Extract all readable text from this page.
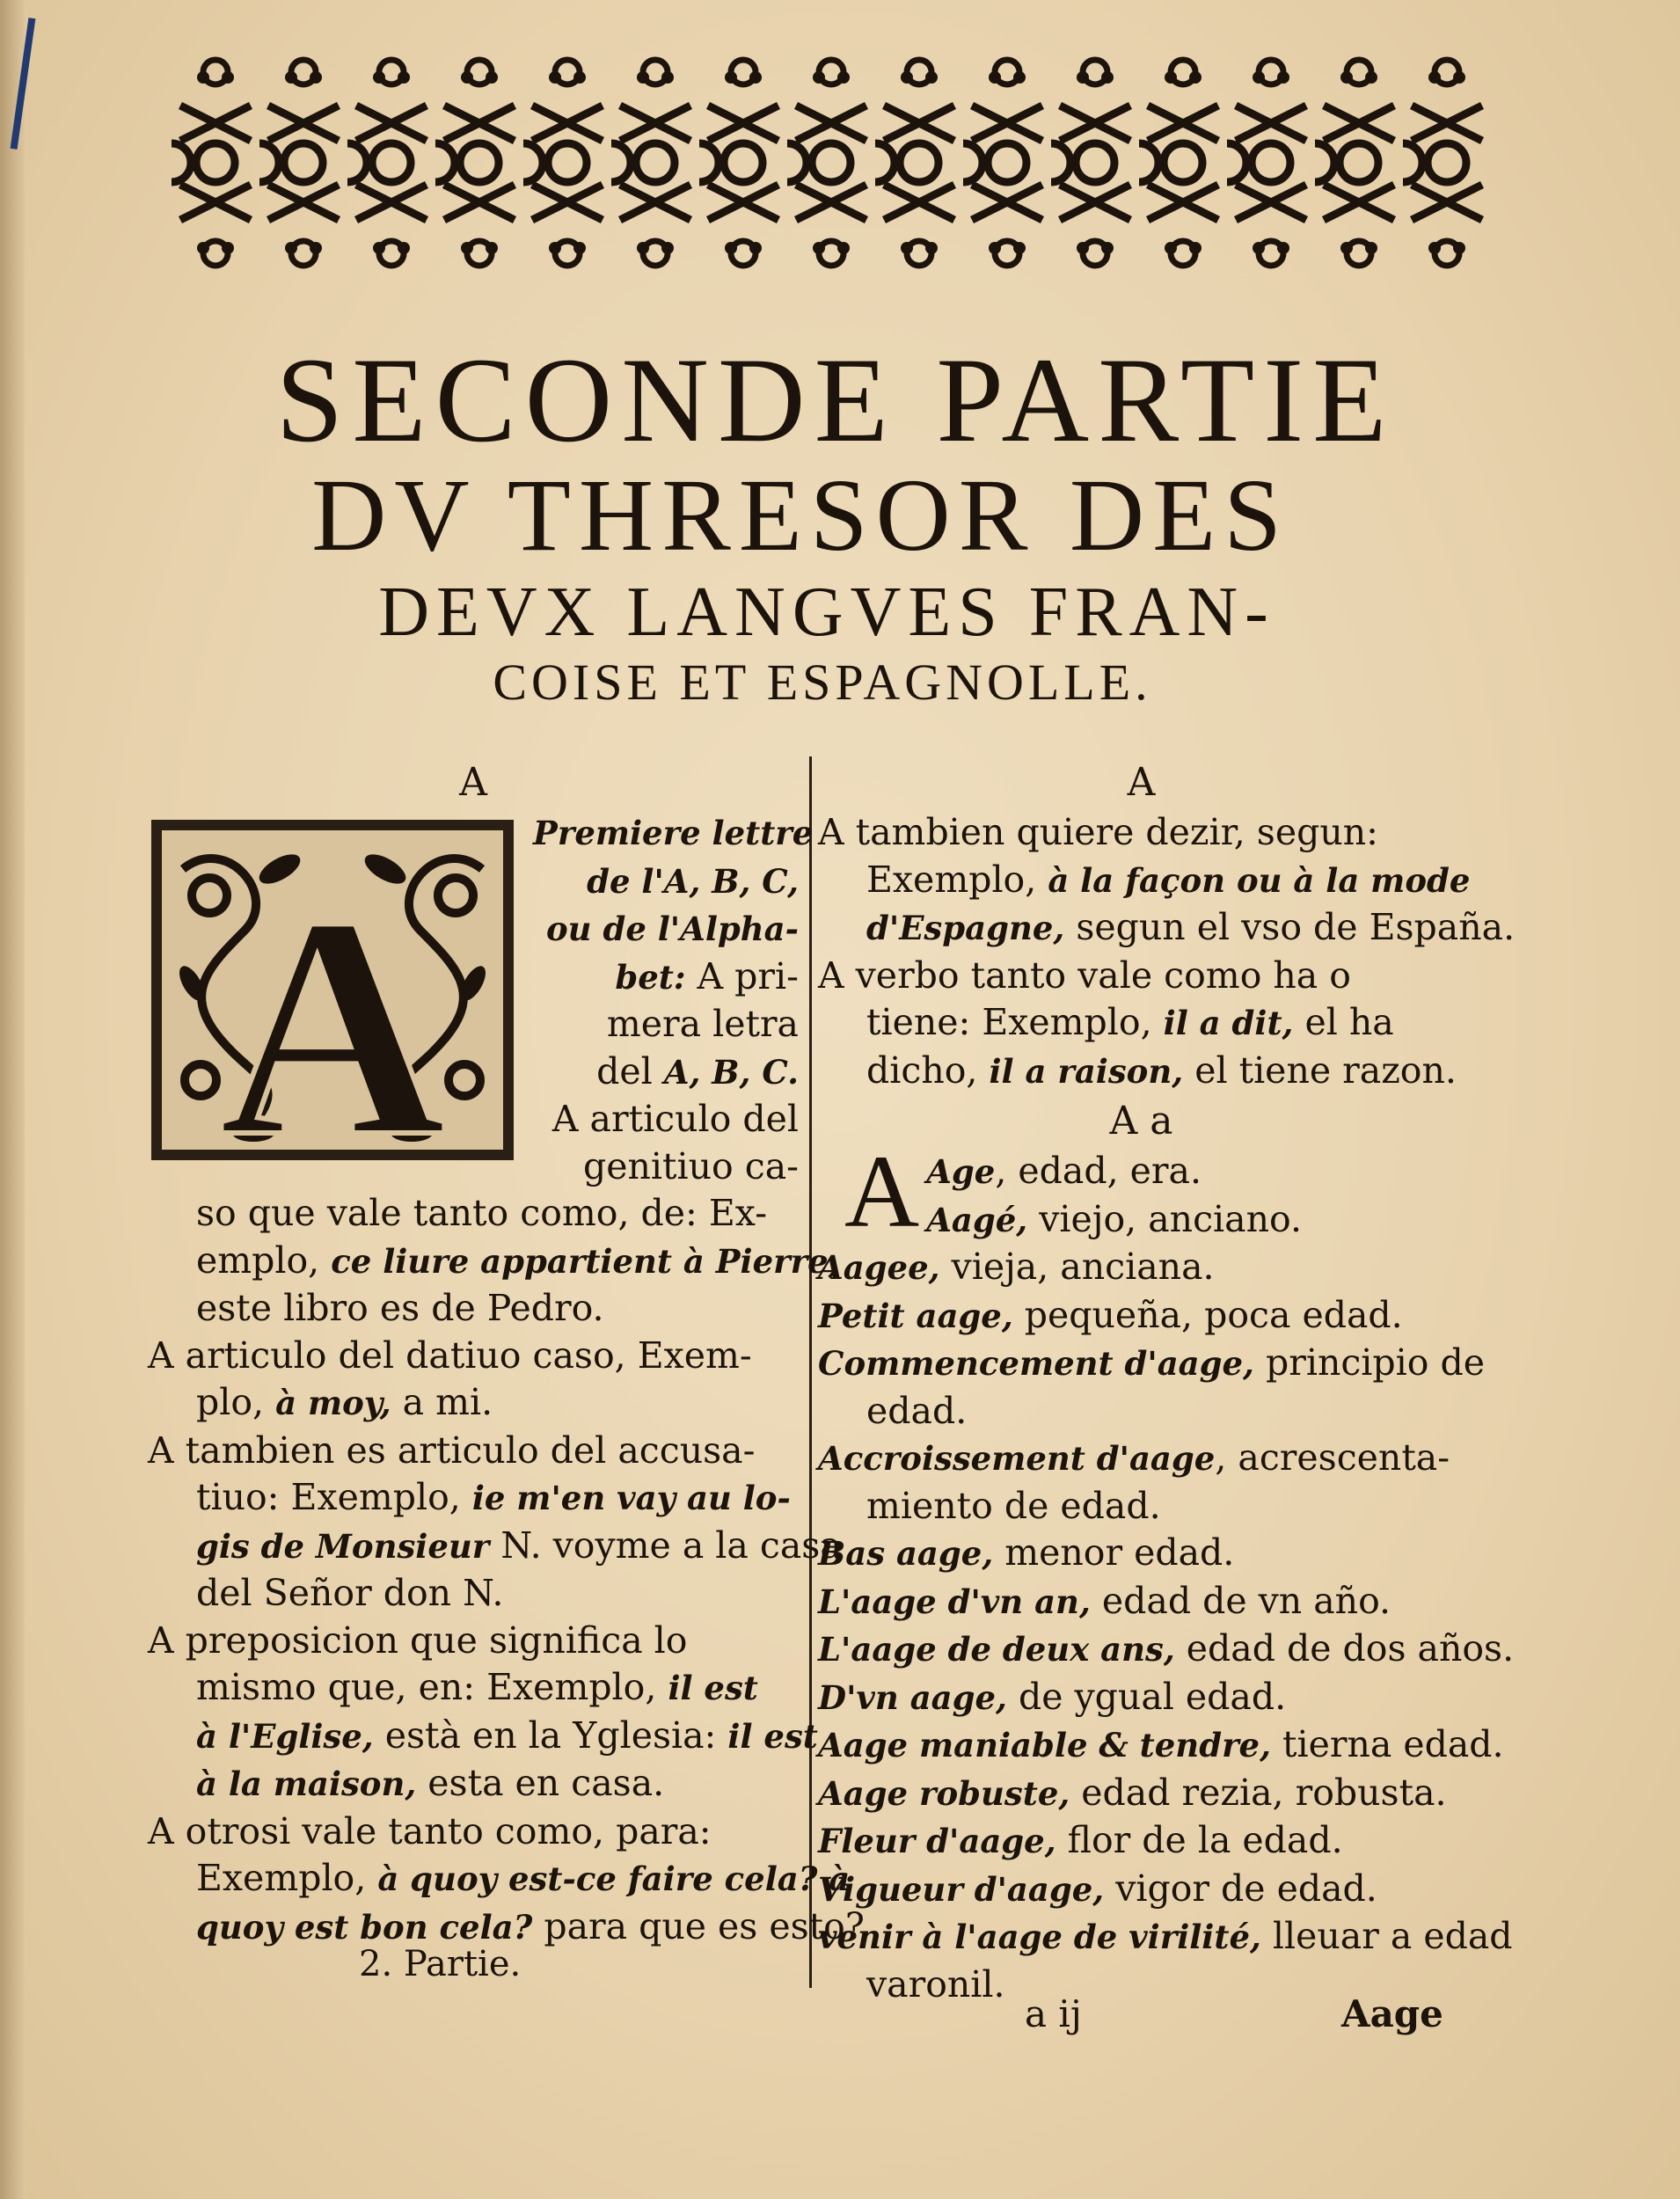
SECONDE PARTIE
DV THRESOR DES
DEVX LANGVES FRAN-
COISE ET ESPAGNOLLE.
A
A
Premiere lettre
de l'A, B, C,
ou de l'Alpha-
bet: A pri-
mera letra
del A, B, C.
A articulo del
genitiuo ca-
so que vale tanto como, de: Ex-
emplo, ce liure appartient à Pierre,
este libro es de Pedro.
A articulo del datiuo caso, Exem-
plo, à moy, a mi.
A tambien es articulo del accusa-
tiuo: Exemplo, ie m'en vay au lo-
gis de Monsieur N. voyme a la casa
del Señor don N.
A preposicion que significa lo
mismo que, en: Exemplo, il est
à l'Eglise, està en la Yglesia: il est
à la maison, esta en casa.
A otrosi vale tanto como, para:
Exemplo, à quoy est-ce faire cela? à
quoy est bon cela? para que es esto?
A
A tambien quiere dezir, segun:
Exemplo, à la façon ou à la mode
d'Espagne, segun el vso de España.
A verbo tanto vale como ha o
tiene: Exemplo, il a dit, el ha
dicho, il a raison, el tiene razon.
A a
A Age, edad, era.
Aagé, viejo, anciano.
Aagee, vieja, anciana.
Petit aage, pequeña, poca edad.
Commencement d'aage, principio de
edad.
Accroissement d'aage, acrescenta-
miento de edad.
Bas aage, menor edad.
L'aage d'vn an, edad de vn año.
L'aage de deux ans, edad de dos años.
D'vn aage, de ygual edad.
Aage maniable & tendre, tierna edad.
Aage robuste, edad rezia, robusta.
Fleur d'aage, flor de la edad.
Vigueur d'aage, vigor de edad.
venir à l'aage de virilité, lleuar a edad
varonil.
2. Partie.
a ij	Aage
